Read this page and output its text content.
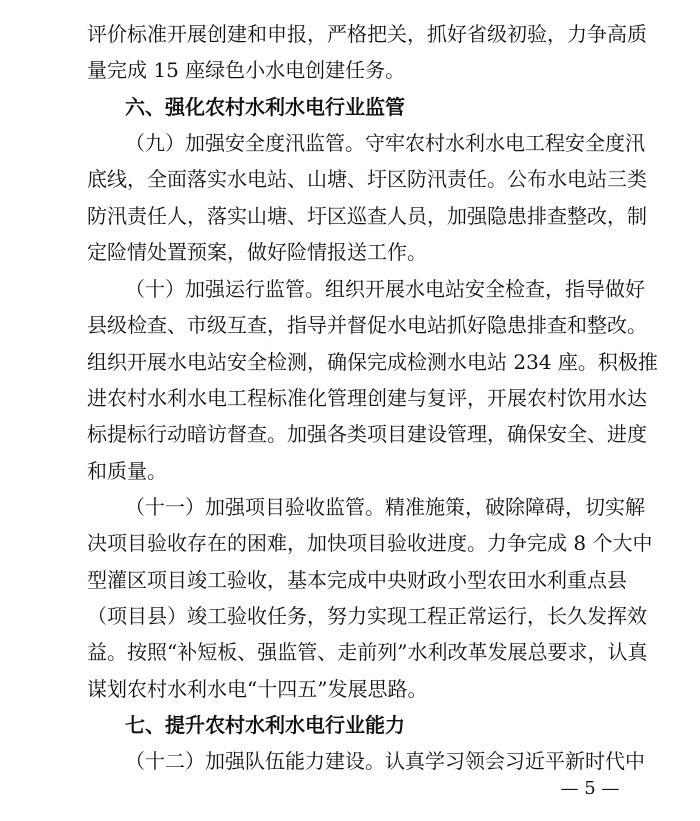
评价标准开展创建和申报，严格把关，抓好省级初验，力争高质
量完成 15 座绿色小水电创建任务。
六、强化农村水利水电行业监管
（九）加强安全度汛监管。守牢农村水利水电工程安全度汛
底线，全面落实水电站、山塘、圩区防汛责任。公布水电站三类
防汛责任人，落实山塘、圩区巡查人员，加强隐患排查整改，制
定险情处置预案，做好险情报送工作。
（十）加强运行监管。组织开展水电站安全检查，指导做好
县级检查、市级互查，指导并督促水电站抓好隐患排查和整改。
组织开展水电站安全检测，确保完成检测水电站 234 座。积极推
进农村水利水电工程标准化管理创建与复评，开展农村饮用水达
标提标行动暗访督查。加强各类项目建设管理，确保安全、进度
和质量。
（十一）加强项目验收监管。精准施策，破除障碍，切实解
决项目验收存在的困难，加快项目验收进度。力争完成 8 个大中
型灌区项目竣工验收，基本完成中央财政小型农田水利重点县
（项目县）竣工验收任务，努力实现工程正常运行，长久发挥效
益。按照“补短板、强监管、走前列”水利改革发展总要求，认真
谋划农村水利水电“十四五”发展思路。
七、提升农村水利水电行业能力
（十二）加强队伍能力建设。认真学习领会习近平新时代中
— 5 —
